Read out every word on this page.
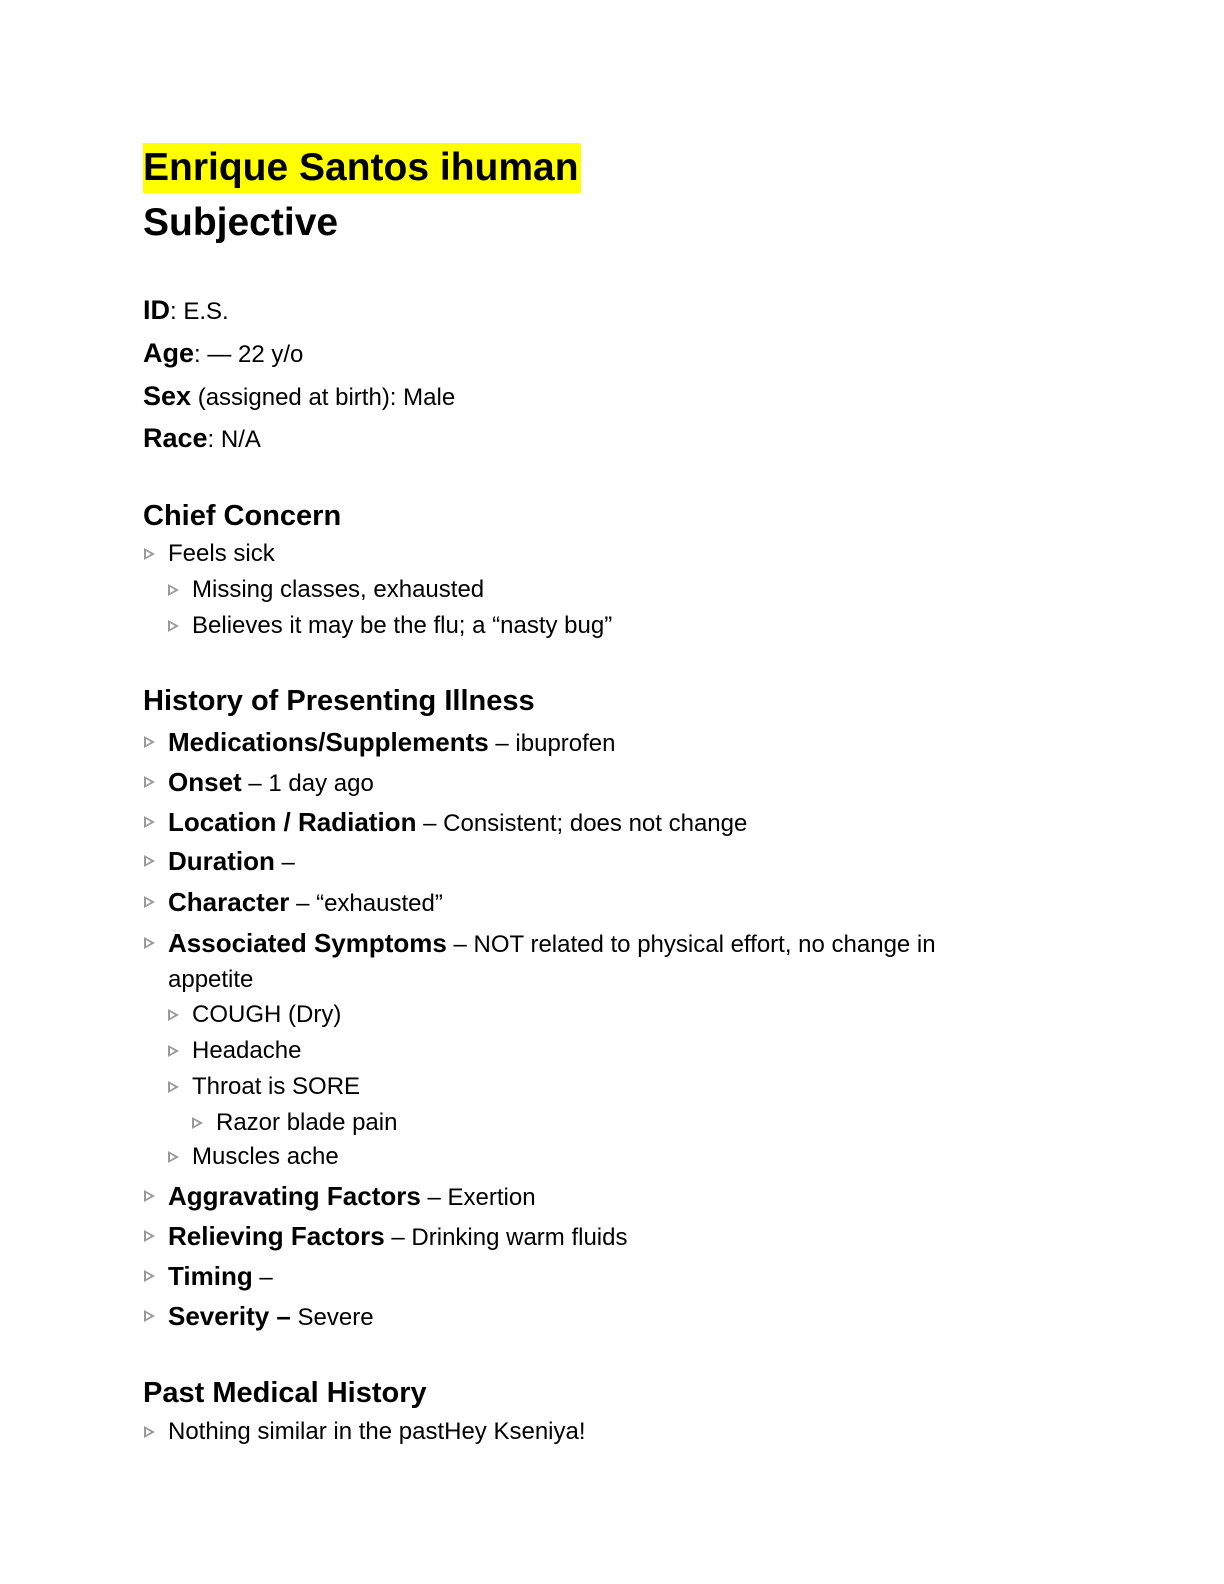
Enrique Santos ihuman
Subjective
ID: E.S.
Age: — 22 y/o
Sex (assigned at birth): Male
Race: N/A
Chief Concern
Feels sick
Missing classes, exhausted
Believes it may be the flu; a “nasty bug”
History of Presenting Illness
Medications/Supplements – ibuprofen
Onset – 1 day ago
Location / Radiation – Consistent; does not change
Duration –
Character – “exhausted”
Associated Symptoms – NOT related to physical effort, no change in
appetite
COUGH (Dry)
Headache
Throat is SORE
Razor blade pain
Muscles ache
Aggravating Factors – Exertion
Relieving Factors – Drinking warm fluids
Timing –
Severity – Severe
Past Medical History
Nothing similar in the pastHey Kseniya!
